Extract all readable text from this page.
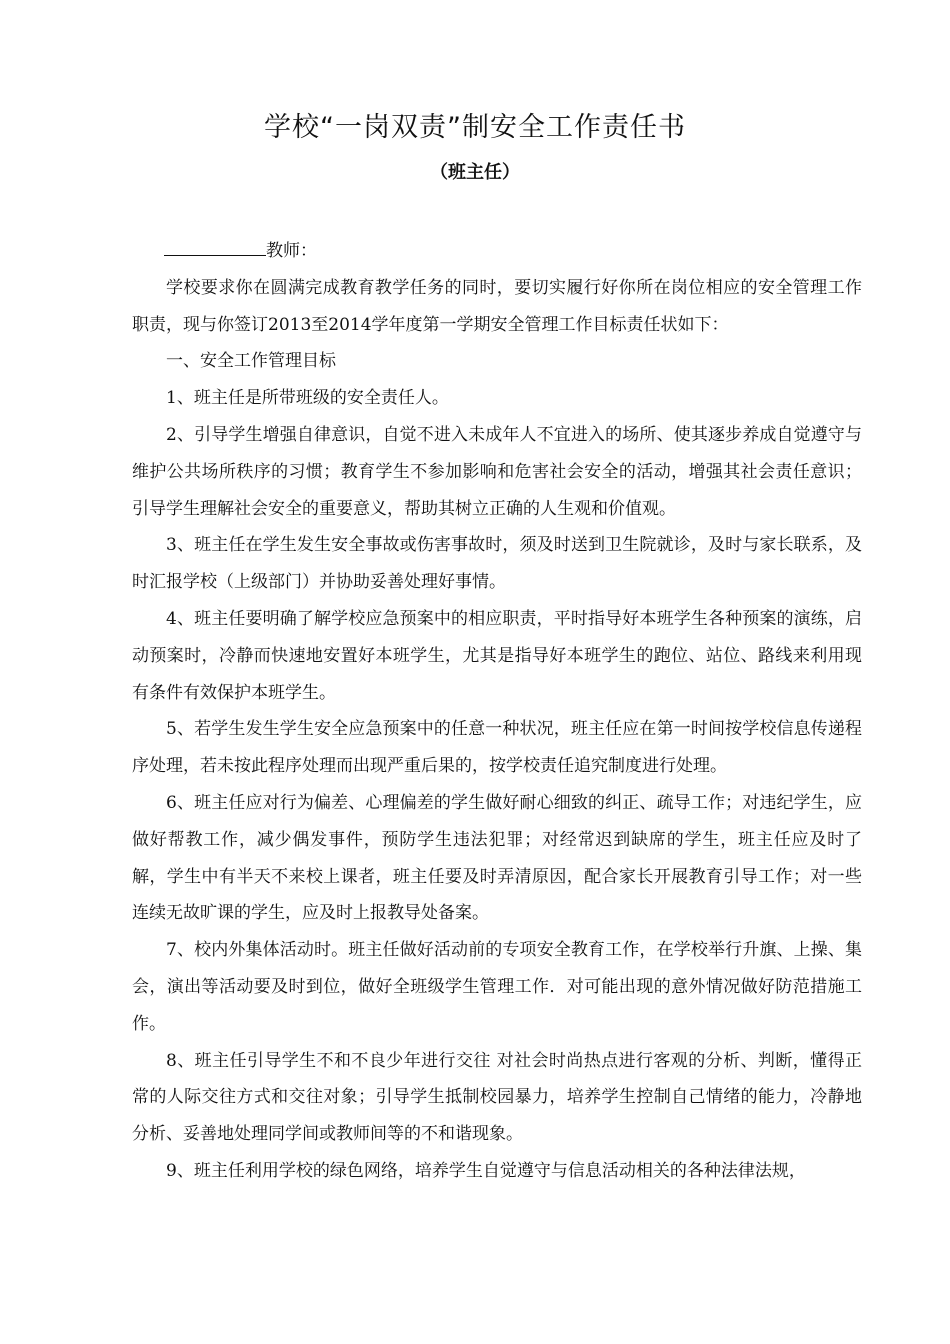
学校“一岗双责”制安全工作责任书
（班主任）

教师：

学校要求你在圆满完成教育教学任务的同时，要切实履行好你所在岗位相应的安全管理工作职责，现与你签订2013至2014学年度第一学期安全管理工作目标责任状如下：

一、安全工作管理目标

1、班主任是所带班级的安全责任人。

2、引导学生增强自律意识，自觉不进入未成年人不宜进入的场所、使其逐步养成自觉遵守与维护公共场所秩序的习惯；教育学生不参加影响和危害社会安全的活动，增强其社会责任意识；引导学生理解社会安全的重要意义，帮助其树立正确的人生观和价值观。

3、班主任在学生发生安全事故或伤害事故时，须及时送到卫生院就诊，及时与家长联系，及时汇报学校（上级部门）并协助妥善处理好事情。

4、班主任要明确了解学校应急预案中的相应职责，平时指导好本班学生各种预案的演练，启动预案时，冷静而快速地安置好本班学生，尤其是指导好本班学生的跑位、站位、路线来利用现有条件有效保护本班学生。

5、若学生发生学生安全应急预案中的任意一种状况，班主任应在第一时间按学校信息传递程序处理，若未按此程序处理而出现严重后果的，按学校责任追究制度进行处理。

6、班主任应对行为偏差、心理偏差的学生做好耐心细致的纠正、疏导工作；对违纪学生，应做好帮教工作，减少偶发事件，预防学生违法犯罪；对经常迟到缺席的学生，班主任应及时了解，学生中有半天不来校上课者，班主任要及时弄清原因，配合家长开展教育引导工作；对一些连续无故旷课的学生，应及时上报教导处备案。

7、校内外集体活动时。班主任做好活动前的专项安全教育工作，在学校举行升旗、上操、集会，演出等活动要及时到位，做好全班级学生管理工作．对可能出现的意外情况做好防范措施工作。

8、班主任引导学生不和不良少年进行交往 对社会时尚热点进行客观的分析、判断，懂得正常的人际交往方式和交往对象；引导学生抵制校园暴力，培养学生控制自己情绪的能力，冷静地分析、妥善地处理同学间或教师间等的不和谐现象。

9、班主任利用学校的绿色网络，培养学生自觉遵守与信息活动相关的各种法律法规，
